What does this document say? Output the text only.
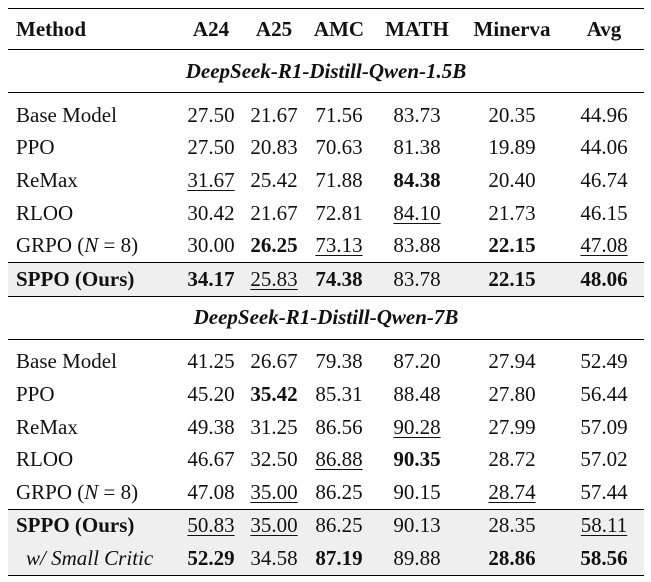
Method	A24	A25	AMC	MATH	Minerva	Avg
DeepSeek-R1-Distill-Qwen-1.5B						
Base Model	27.50	21.67	71.56	83.73	20.35	44.96
PPO	27.50	20.83	70.63	81.38	19.89	44.06
ReMax	31.67	25.42	71.88	84.38	20.40	46.74
RLOO	30.42	21.67	72.81	84.10	21.73	46.15
GRPO (N = 8)	30.00	26.25	73.13	83.88	22.15	47.08
SPPO (Ours)	34.17	25.83	74.38	83.78	22.15	48.06
DeepSeek-R1-Distill-Qwen-7B						
Base Model	41.25	26.67	79.38	87.20	27.94	52.49
PPO	45.20	35.42	85.31	88.48	27.80	56.44
ReMax	49.38	31.25	86.56	90.28	27.99	57.09
RLOO	46.67	32.50	86.88	90.35	28.72	57.02
GRPO (N = 8)	47.08	35.00	86.25	90.15	28.74	57.44
SPPO (Ours)	50.83	35.00	86.25	90.13	28.35	58.11
w/ Small Critic	52.29	34.58	87.19	89.88	28.86	58.56
